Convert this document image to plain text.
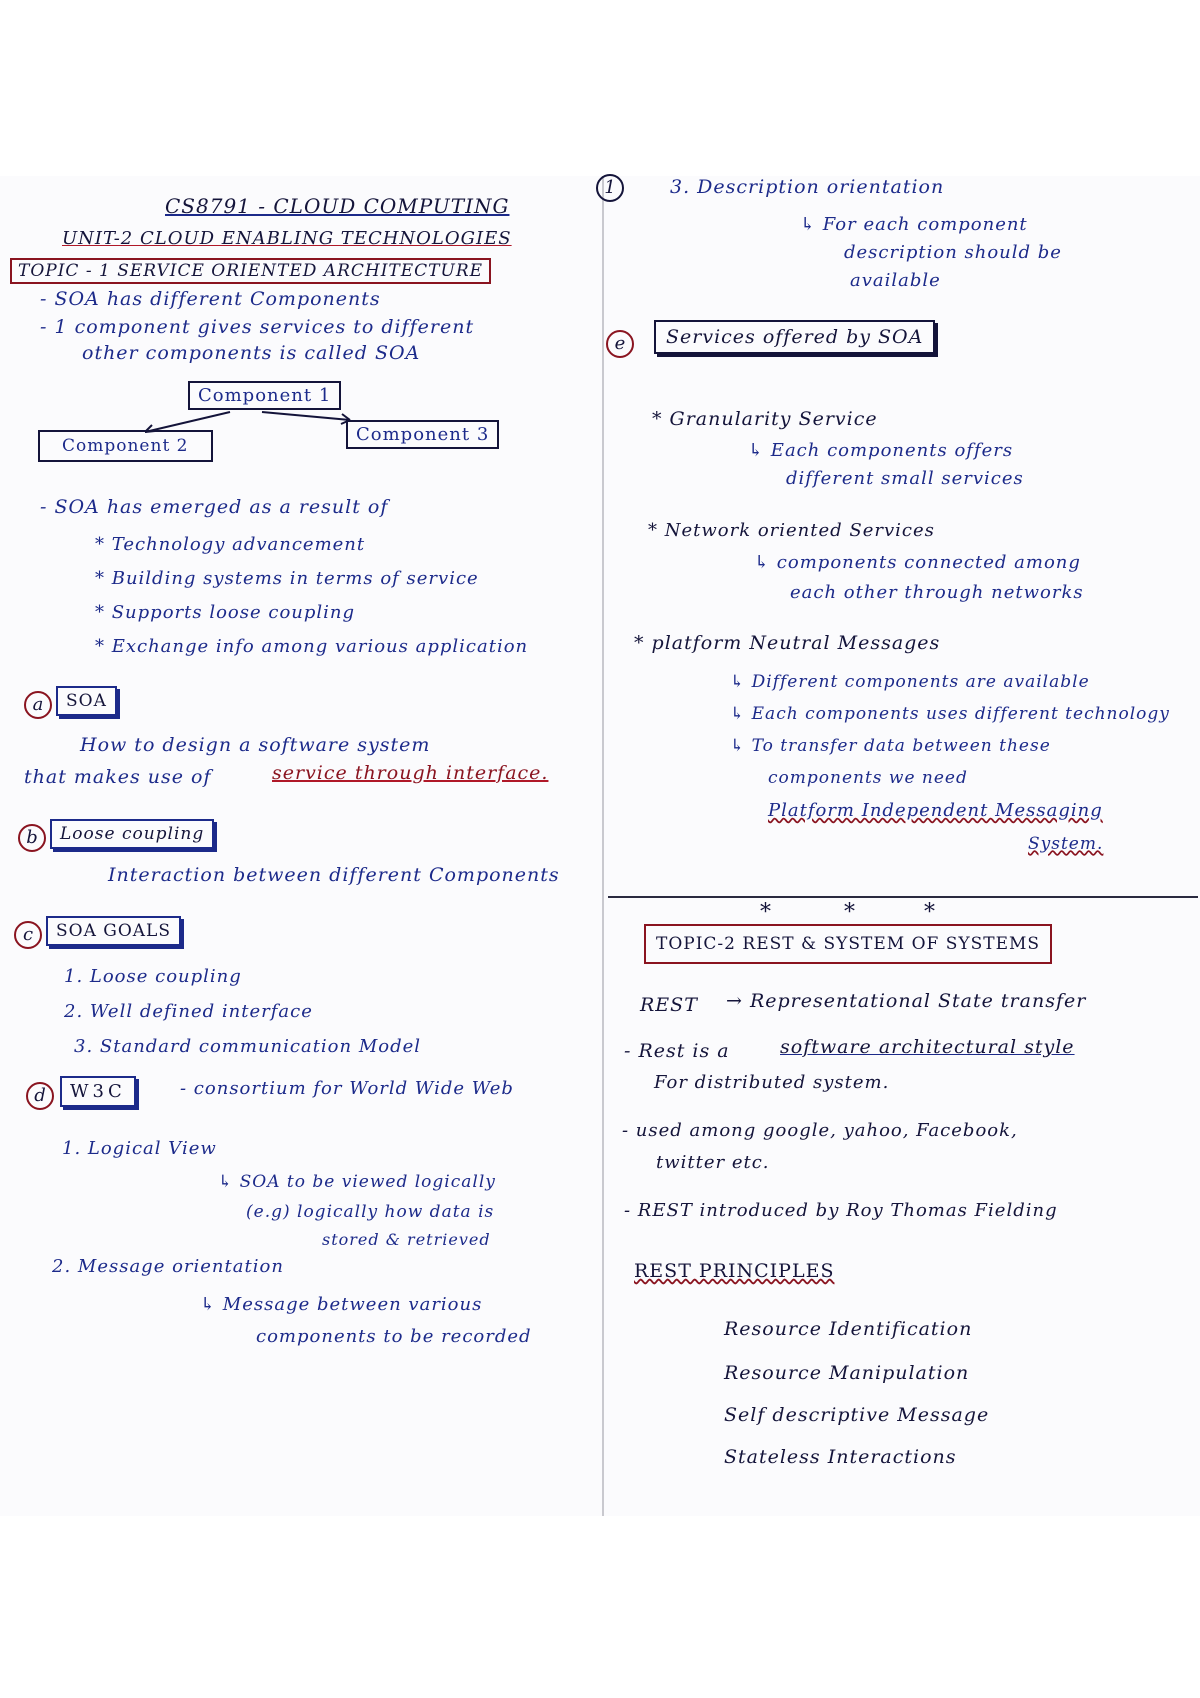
CS8791 - CLOUD COMPUTING
UNIT-2 CLOUD ENABLING TECHNOLOGIES
TOPIC - 1 SERVICE ORIENTED ARCHITECTURE
- SOA has different Components
- 1 component gives services to different
other components is called SOA
Component 1
Component 2
Component 3
- SOA has emerged as a result of
* Technology advancement
* Building systems in terms of service
* Supports loose coupling
* Exchange info among various application
a	SOA
How to design a software system
that makes use of	service through interface.
b	Loose coupling
Interaction between different Components
c	SOA GOALS
1. Loose coupling
2. Well defined interface
3. Standard communication Model
d	W3C	- consortium for World Wide Web
1. Logical View
↳ SOA to be viewed logically
(e.g) logically how data is
stored & retrieved
2. Message orientation
↳ Message between various
components to be recorded
1	3. Description orientation
↳ For each component
description should be
available
e	Services offered by SOA
* Granularity Service
↳ Each components offers
different small services
* Network oriented Services
↳ components connected among
each other through networks
* platform Neutral Messages
↳ Different components are available
↳ Each components uses different technology
↳ To transfer data between these
components we need
Platform Independent Messaging
System.
*	*	*
TOPIC-2 REST & SYSTEM OF SYSTEMS
REST → Representational State transfer
- Rest is a	software architectural style
For distributed system.
- used among google, yahoo, Facebook,
twitter etc.
- REST introduced by Roy Thomas Fielding
REST PRINCIPLES
Resource Identification
Resource Manipulation
Self descriptive Message
Stateless Interactions
